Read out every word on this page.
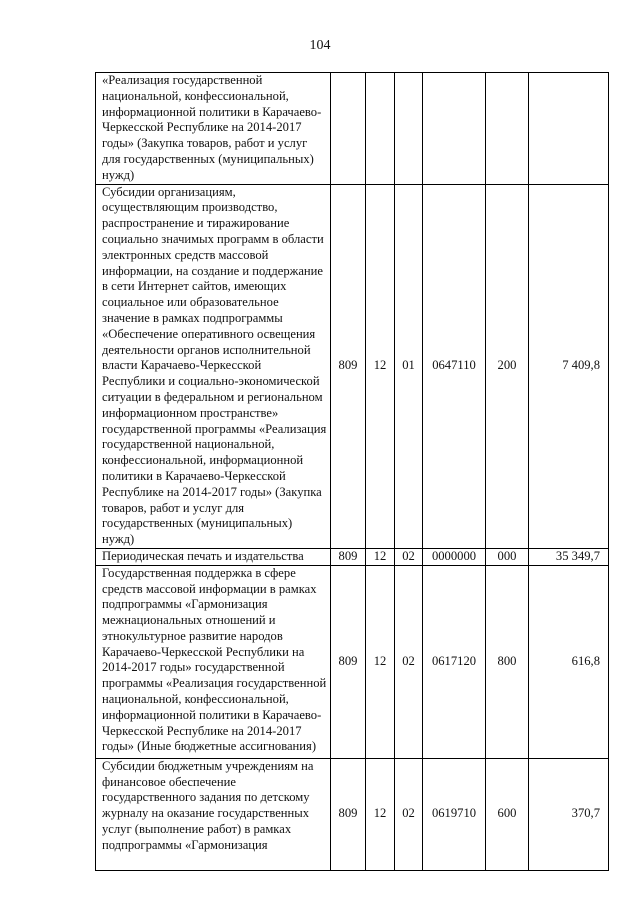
104
«Реализация государственной национальной, конфессиональной, информационной политики в Карачаево-Черкесской Республике на 2014-2017 годы» (Закупка товаров, работ и услуг для государственных (муниципальных) нужд)						
Субсидии организациям, осуществляющим производство, распространение и тиражирование социально значимых программ в области электронных средств массовой информации, на создание и поддержание в сети Интернет сайтов, имеющих социальное или образовательное значение в рамках подпрограммы «Обеспечение оперативного освещения деятельности органов исполнительной власти Карачаево-Черкесской Республики и социально-экономической ситуации в федеральном и региональном информационном пространстве» государственной программы «Реализация государственной национальной, конфессиональной, информационной политики в Карачаево-Черкесской Республике на 2014-2017 годы» (Закупка товаров, работ и услуг для государственных (муниципальных) нужд)	809	12	01	0647110	200	7 409,8
Периодическая печать и издательства	809	12	02	0000000	000	35 349,7
Государственная поддержка в сфере средств массовой информации в рамках подпрограммы «Гармонизация межнациональных отношений и этнокультурное развитие народов Карачаево-Черкесской Республики на 2014-2017 годы» государственной программы «Реализация государственной национальной, конфессиональной, информационной политики в Карачаево-Черкесской Республике на 2014-2017 годы» (Иные бюджетные ассигнования)	809	12	02	0617120	800	616,8
Субсидии бюджетным учреждениям на финансовое обеспечение государственного задания по детскому журналу на оказание государственных услуг (выполнение работ) в рамках подпрограммы «Гармонизация	809	12	02	0619710	600	370,7
